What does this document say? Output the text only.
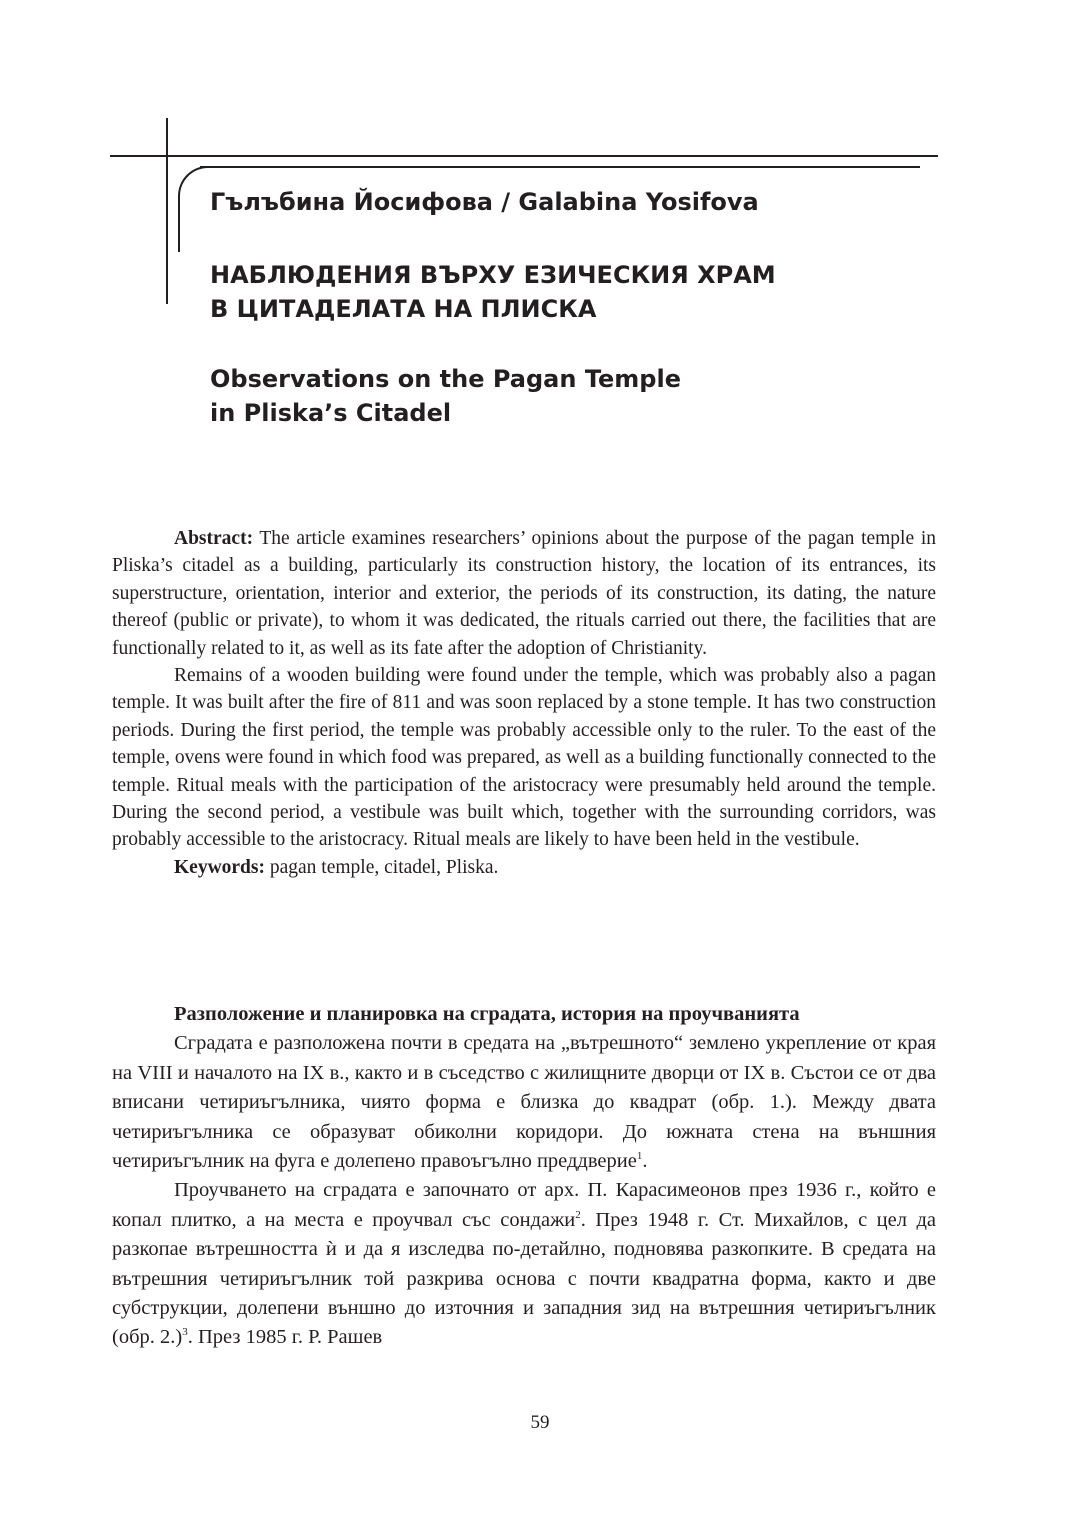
Гълъбина Йосифова / Galabina Yosifova
НАБЛЮДЕНИЯ ВЪРХУ ЕЗИЧЕСКИЯ ХРАМ
В ЦИТАДЕЛАТА НА ПЛИСКА
Observations on the Pagan Temple
in Pliska’s Citadel

Abstract: The article examines researchers’ opinions about the purpose of the pagan temple in Pliska’s citadel as a building, particularly its construction history, the location of its entrances, its superstructure, orientation, interior and exterior, the periods of its construction, its dating, the nature thereof (public or private), to whom it was dedicated, the rituals carried out there, the facilities that are functionally related to it, as well as its fate after the adoption of Christianity.

Remains of a wooden building were found under the temple, which was probably also a pagan temple. It was built after the fire of 811 and was soon replaced by a stone temple. It has two construction periods. During the first period, the temple was probably accessible only to the ruler. To the east of the temple, ovens were found in which food was prepared, as well as a building functionally connected to the temple. Ritual meals with the participation of the aristocracy were presumably held around the temple. During the second period, a vestibule was built which, together with the surrounding corridors, was probably accessible to the aristocracy. Ritual meals are likely to have been held in the vestibule.

Keywords: pagan temple, citadel, Pliska.

Разположение и планировка на сградата, история на проучванията

Сградата е разположена почти в средата на „вътрешното“ землено укрепление от края на VIII и началото на IX в., както и в съседство с жилищните дворци от IX в. Състои се от два вписани четириъгълника, чиято форма е близка до квадрат (обр. 1.). Между двата четириъгълника се образуват обиколни коридори. До южната стена на външния четириъгълник на фуга е долепено правоъгълно преддверие$^1$.

Проучването на сградата е започнато от арх. П. Карасимеонов през 1936 г., който е копал плитко, а на места е проучвал със сондажи$^2$. През 1948 г. Ст. Михайлов, с цел да разкопае вътрешността ѝ и да я изследва по-детайлно, подновява разкопките. В средата на вътрешния четириъгълник той разкрива основа с почти квадратна форма, както и две субструкции, долепени външно до източния и западния зид на вътрешния четириъгълник (обр. 2.)$^3$. През 1985 г. Р. Рашев

59
